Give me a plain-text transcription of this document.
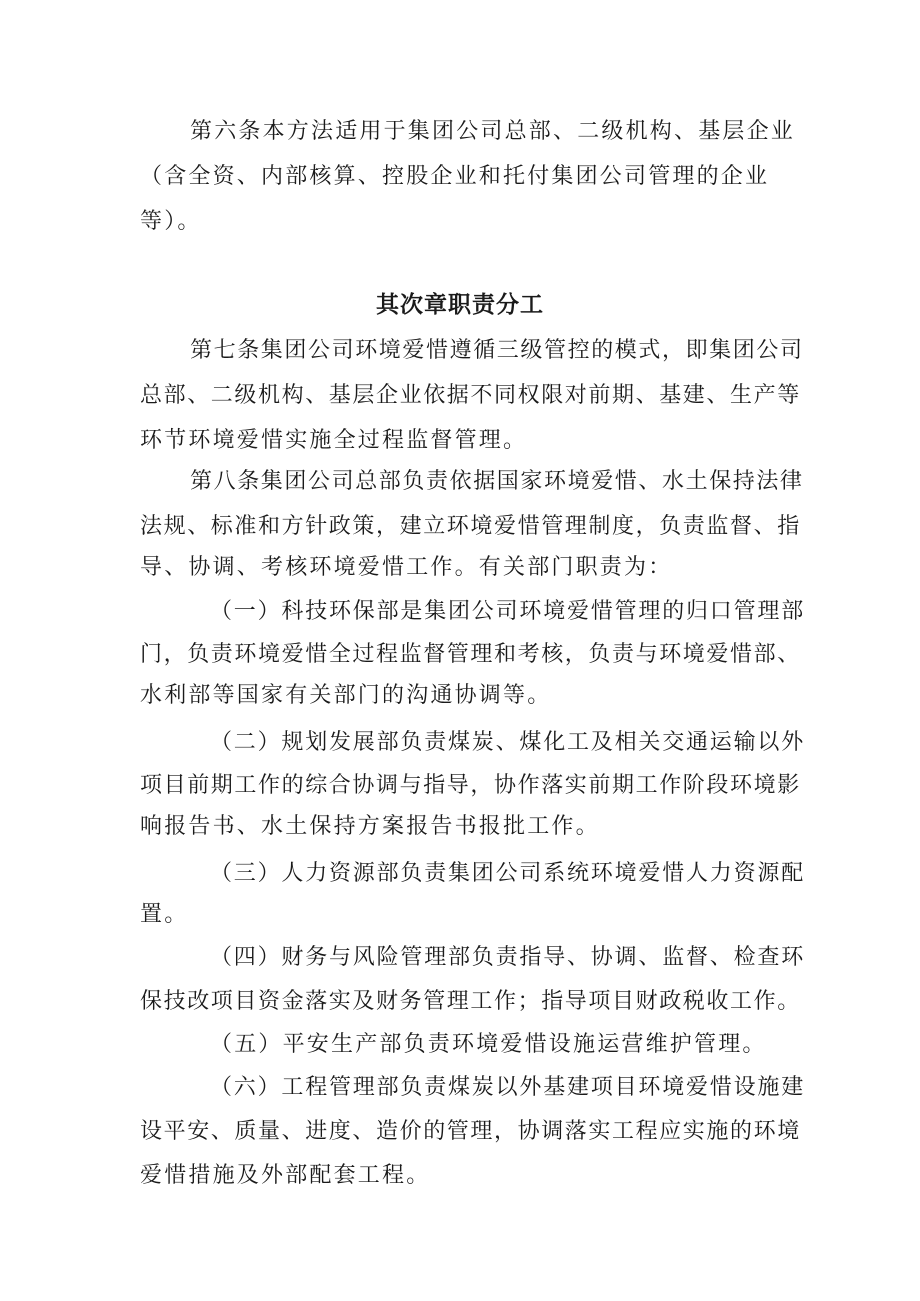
第六条本方法适用于集团公司总部、二级机构、基层企业
（含全资、内部核算、控股企业和托付集团公司管理的企业
等）。
其次章职责分工
第七条集团公司环境爱惜遵循三级管控的模式，即集团公司
总部、二级机构、基层企业依据不同权限对前期、基建、生产等
环节环境爱惜实施全过程监督管理。
第八条集团公司总部负责依据国家环境爱惜、水土保持法律
法规、标准和方针政策，建立环境爱惜管理制度，负责监督、指
导、协调、考核环境爱惜工作。有关部门职责为：
（一）科技环保部是集团公司环境爱惜管理的归口管理部
门，负责环境爱惜全过程监督管理和考核，负责与环境爱惜部、
水利部等国家有关部门的沟通协调等。
（二）规划发展部负责煤炭、煤化工及相关交通运输以外
项目前期工作的综合协调与指导，协作落实前期工作阶段环境影
响报告书、水土保持方案报告书报批工作。
（三）人力资源部负责集团公司系统环境爱惜人力资源配
置。
（四）财务与风险管理部负责指导、协调、监督、检查环
保技改项目资金落实及财务管理工作；指导项目财政税收工作。
（五）平安生产部负责环境爱惜设施运营维护管理。
（六）工程管理部负责煤炭以外基建项目环境爱惜设施建
设平安、质量、进度、造价的管理，协调落实工程应实施的环境
爱惜措施及外部配套工程。
